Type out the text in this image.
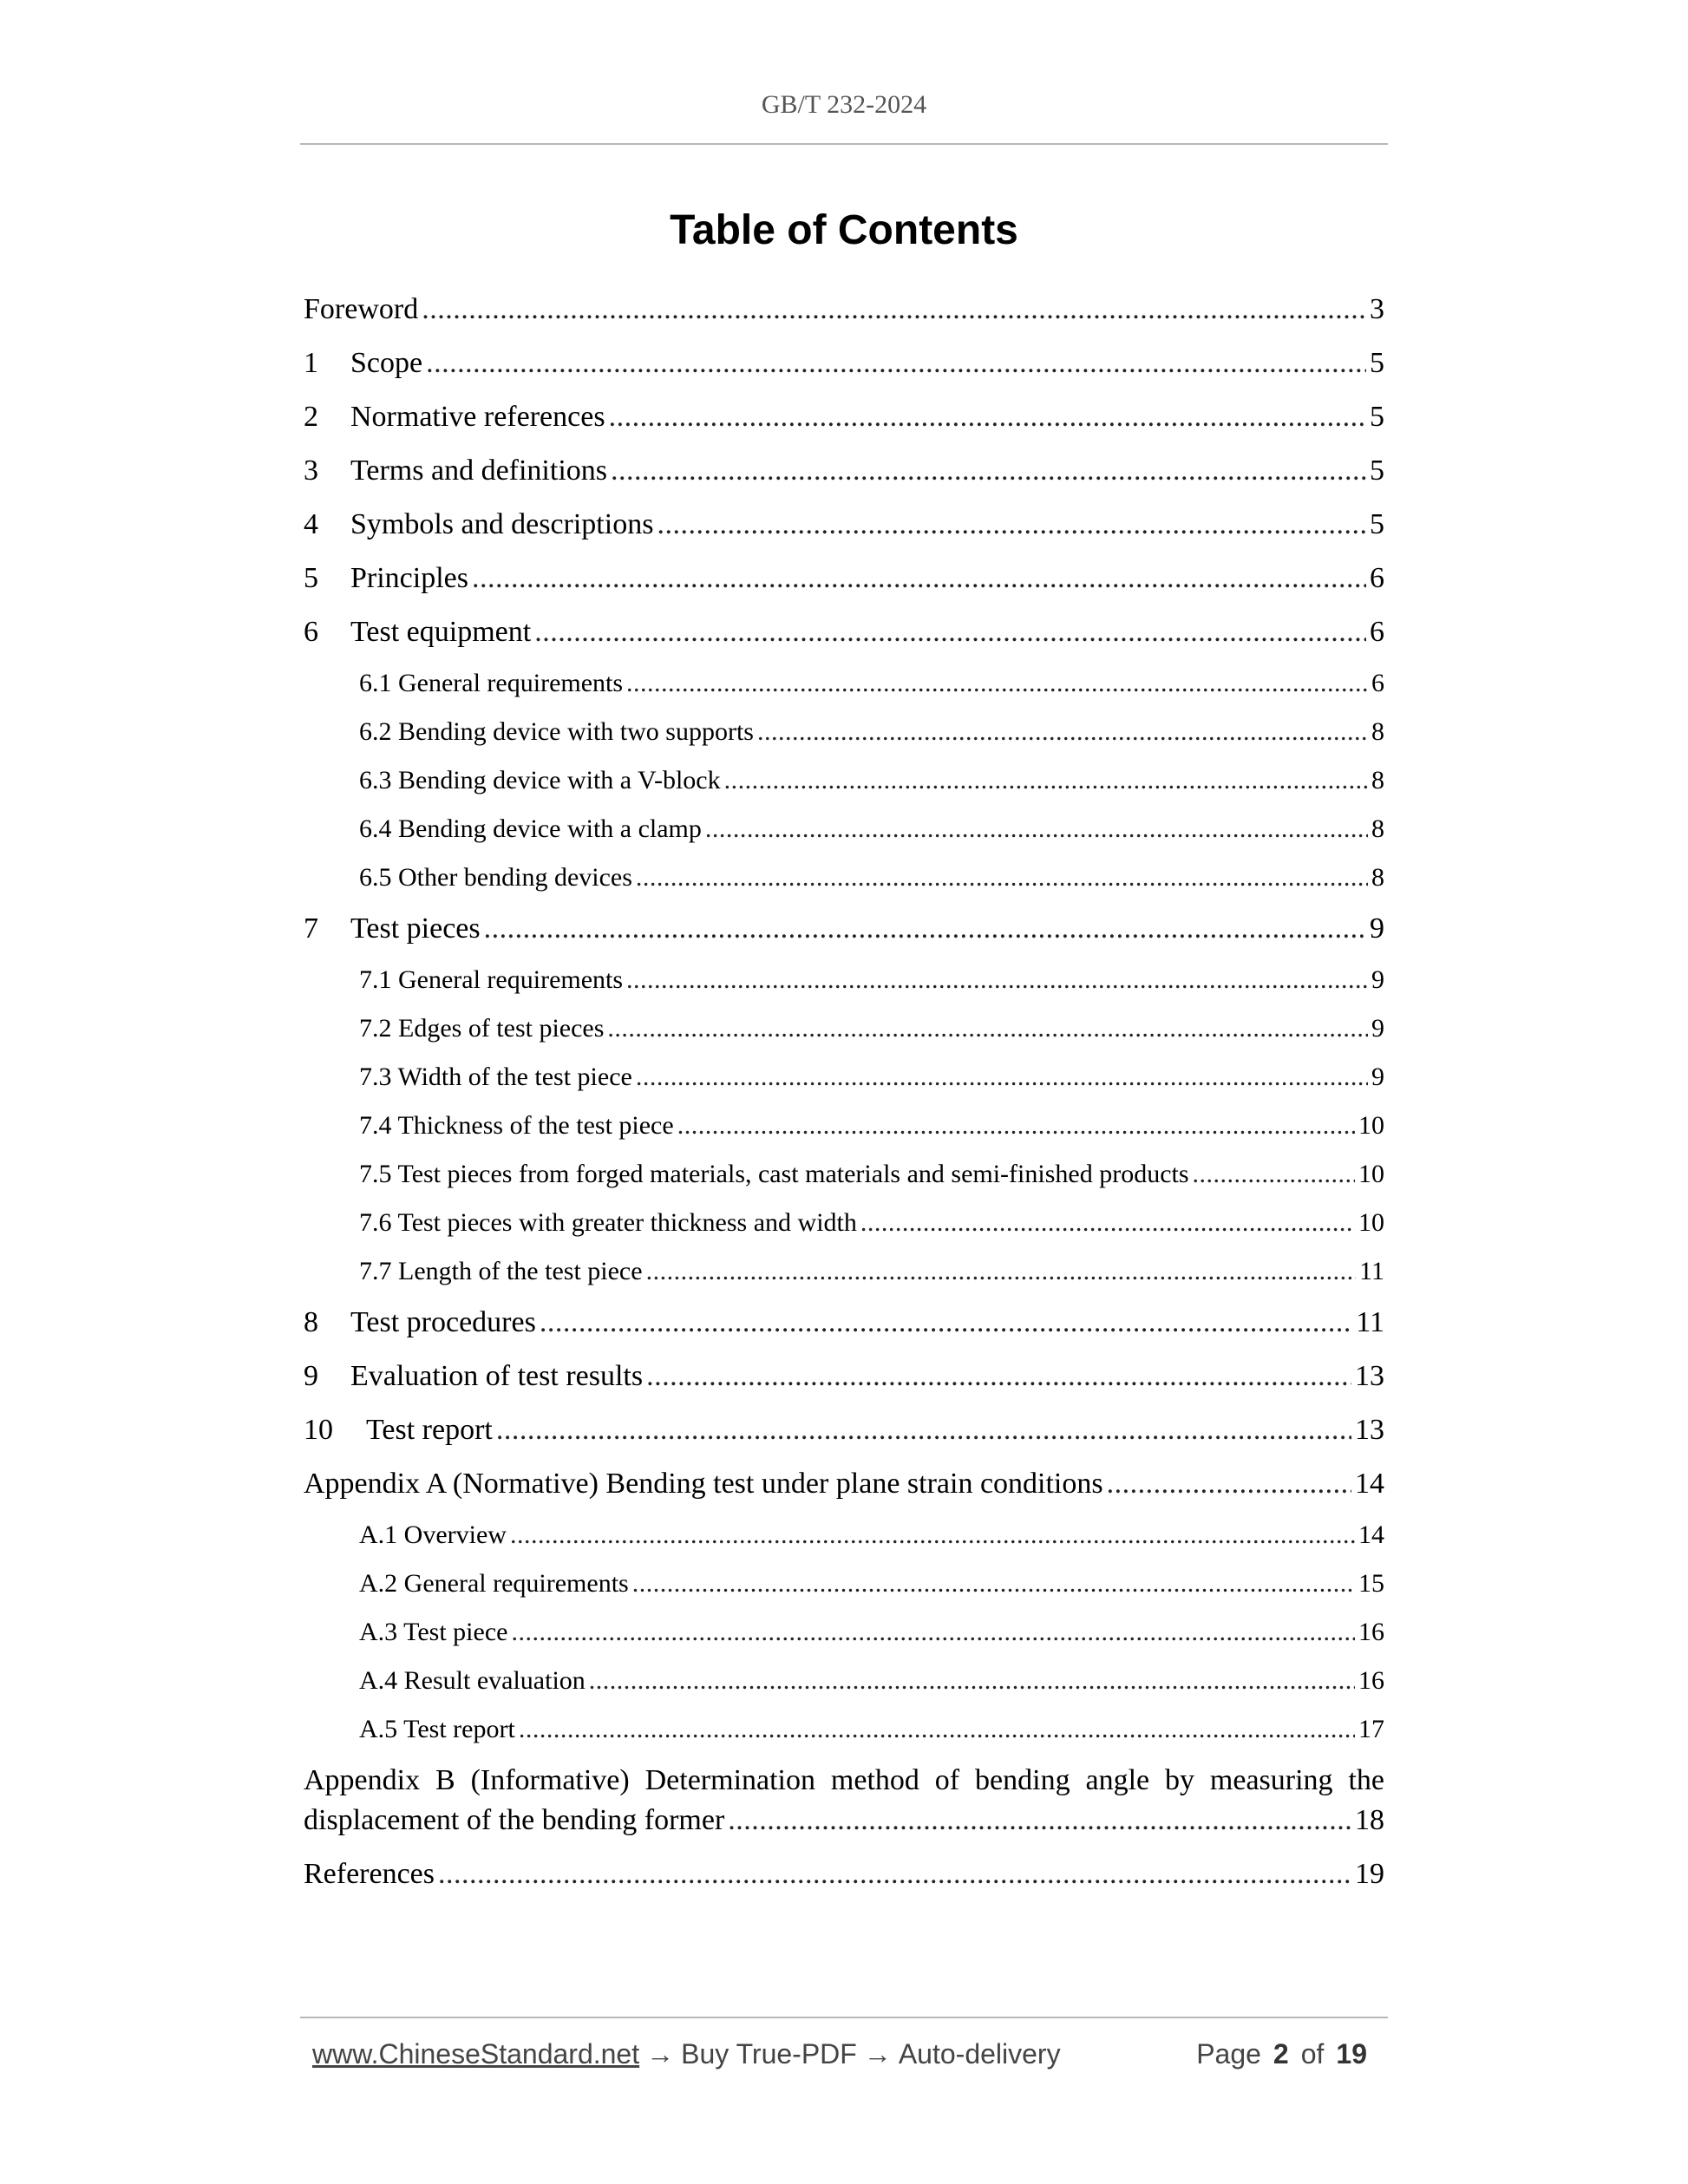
GB/T 232-2024
Table of Contents
Foreword .....	3
1	Scope .....	5
2	Normative references .....	5
3	Terms and definitions .....	5
4	Symbols and descriptions .....	5
5	Principles .....	6
6	Test equipment .....	6
6.1 General requirements .....	6
6.2 Bending device with two supports .....	8
6.3 Bending device with a V-block .....	8
6.4 Bending device with a clamp .....	8
6.5 Other bending devices .....	8
7	Test pieces .....	9
7.1 General requirements .....	9
7.2 Edges of test pieces .....	9
7.3 Width of the test piece .....	9
7.4 Thickness of the test piece .....	10
7.5 Test pieces from forged materials, cast materials and semi-finished products .....	10
7.6 Test pieces with greater thickness and width .....	10
7.7 Length of the test piece .....	11
8	Test procedures .....	11
9	Evaluation of test results .....	13
10	Test report .....	13
Appendix A (Normative) Bending test under plane strain conditions .....	14
A.1 Overview .....	14
A.2 General requirements .....	15
A.3 Test piece .....	16
A.4 Result evaluation .....	16
A.5 Test report .....	17
Appendix B (Informative) Determination method of bending angle by measuring the
displacement of the bending former .....	18
References .....	19
www.ChineseStandard.net → Buy True-PDF → Auto-delivery	Page 2 of 19
